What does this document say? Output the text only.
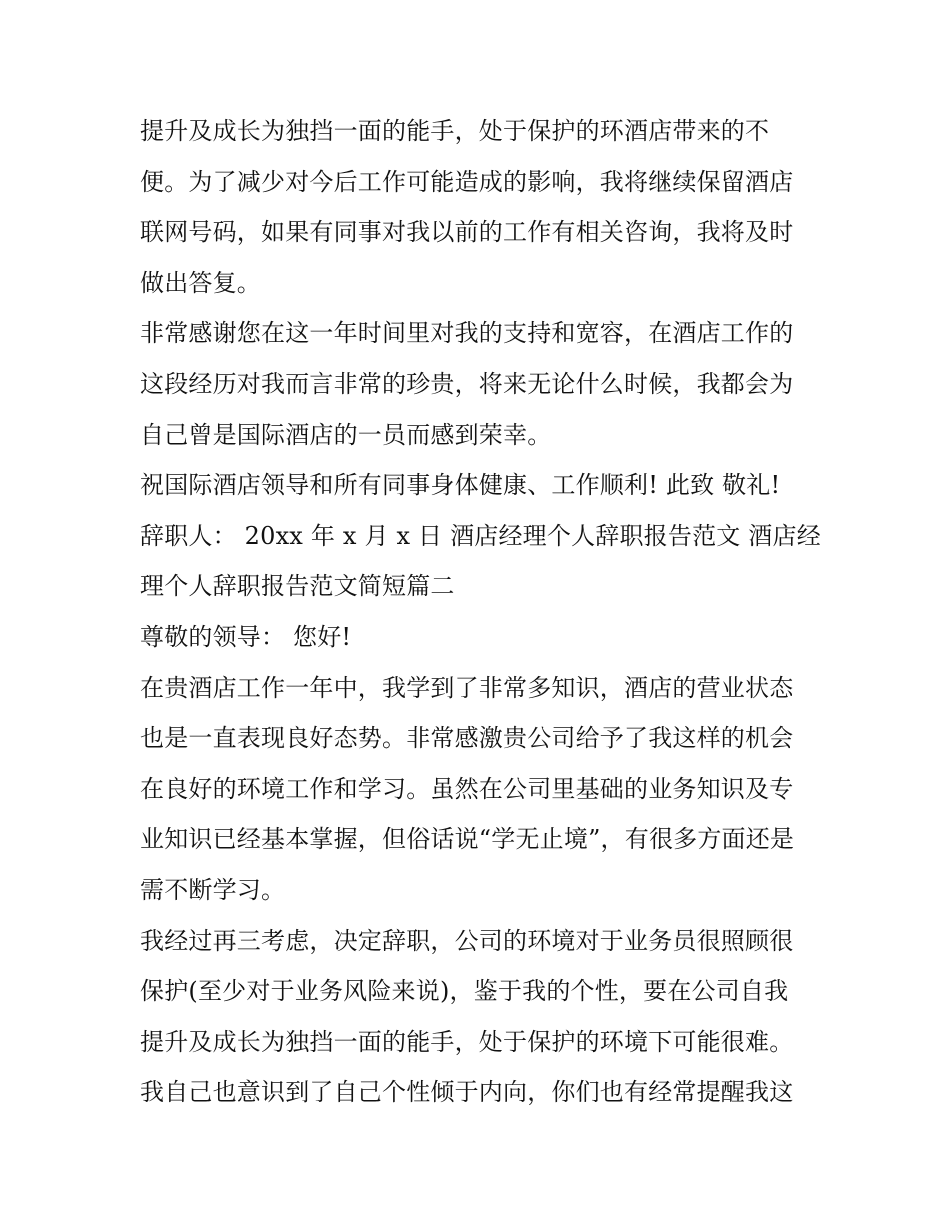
提升及成长为独挡一面的能手，处于保护的环酒店带来的不
便。为了减少对今后工作可能造成的影响，我将继续保留酒店
联网号码，如果有同事对我以前的工作有相关咨询，我将及时
做出答复。
非常感谢您在这一年时间里对我的支持和宽容，在酒店工作的
这段经历对我而言非常的珍贵，将来无论什么时候，我都会为
自己曾是国际酒店的一员而感到荣幸。
祝国际酒店领导和所有同事身体健康、工作顺利! 此致 敬礼!
辞职人： 20xx 年 x 月 x 日 酒店经理个人辞职报告范文 酒店经
理个人辞职报告范文简短篇二
尊敬的领导： 您好!
在贵酒店工作一年中，我学到了非常多知识，酒店的营业状态
也是一直表现良好态势。非常感激贵公司给予了我这样的机会
在良好的环境工作和学习。虽然在公司里基础的业务知识及专
业知识已经基本掌握，但俗话说“学无止境”，有很多方面还是
需不断学习。
我经过再三考虑，决定辞职，公司的环境对于业务员很照顾很
保护(至少对于业务风险来说)，鉴于我的个性，要在公司自我
提升及成长为独挡一面的能手，处于保护的环境下可能很难。
我自己也意识到了自己个性倾于内向，你们也有经常提醒我这
